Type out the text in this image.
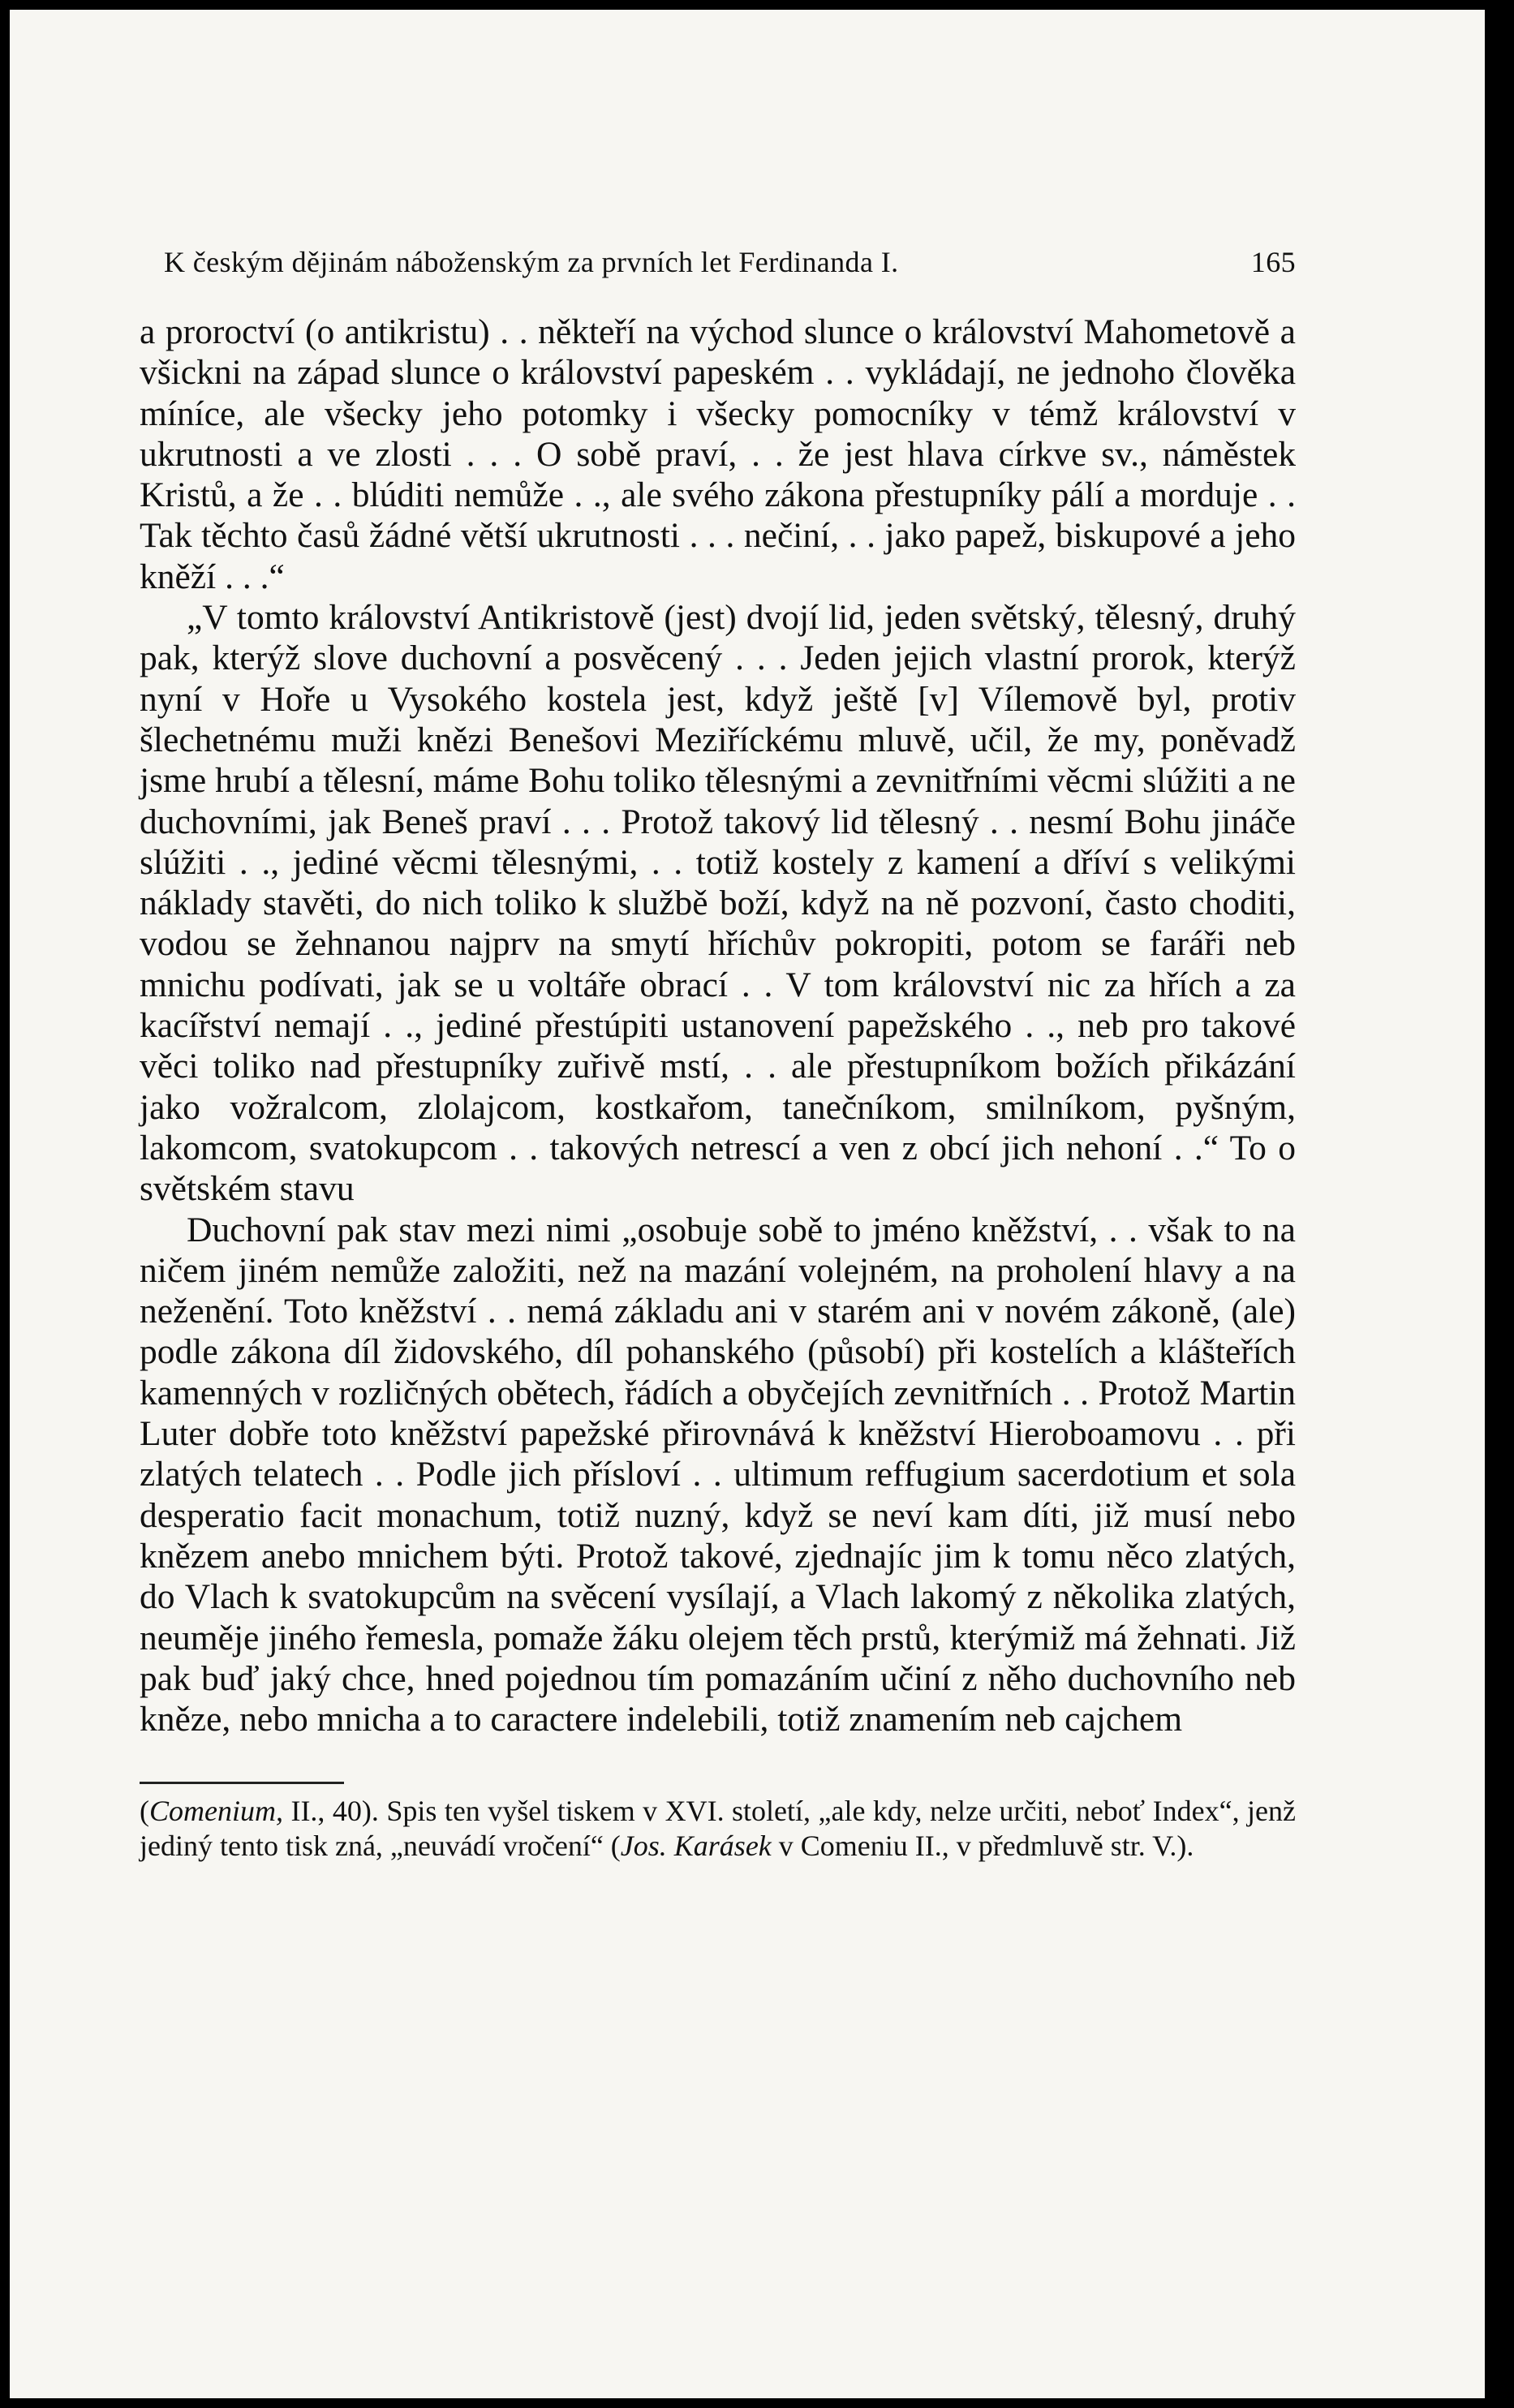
K českým dějinám náboženským za prvních let Ferdinanda I.	165

a proroctví (o antikristu) . . někteří na východ slunce o království Mahometově a všickni na západ slunce o království papeském . . vykládají, ne jednoho člověka míníce, ale všecky jeho potomky i všecky pomocníky v témž království v ukrutnosti a ve zlosti . . . O sobě praví, . . že jest hlava církve sv., náměstek Kristů, a že . . blúditi nemůže . ., ale svého zákona přestupníky pálí a morduje . . Tak těchto časů žádné větší ukrutnosti . . . nečiní, . . jako papež, biskupové a jeho kněží . . .“

„V tomto království Antikristově (jest) dvojí lid, jeden světský, tělesný, druhý pak, kterýž slove duchovní a posvěcený . . . Jeden jejich vlastní prorok, kterýž nyní v Hoře u Vysokého kostela jest, když ještě [v] Vílemově byl, protiv šlechetnému muži knězi Benešovi Meziříckému mluvě, učil, že my, poněvadž jsme hrubí a tělesní, máme Bohu toliko tělesnými a zevnitřními věcmi slúžiti a ne duchovními, jak Beneš praví . . . Protož takový lid tělesný . . nesmí Bohu jináče slúžiti . ., jediné věcmi tělesnými, . . totiž kostely z kamení a dříví s velikými náklady stavěti, do nich toliko k službě boží, když na ně pozvoní, často choditi, vodou se žehnanou najprv na smytí hříchův pokropiti, potom se faráři neb mnichu podívati, jak se u voltáře obrací . . V tom království nic za hřích a za kacířství nemají . ., jediné přestúpiti ustanovení papežského . ., neb pro takové věci toliko nad přestupníky zuřivě mstí, . . ale přestupníkom božích přikázání jako vožralcom, zlolajcom, kostkařom, tanečníkom, smilníkom, pyšným, lakomcom, svatokupcom . . takových netrescí a ven z obcí jich nehoní . .“ To o světském stavu

Duchovní pak stav mezi nimi „osobuje sobě to jméno kněžství, . . však to na ničem jiném nemůže založiti, než na mazání volejném, na proholení hlavy a na neženění. Toto kněžství . . nemá základu ani v starém ani v novém zákoně, (ale) podle zákona díl židovského, díl pohanského (působí) při kostelích a klášteřích kamenných v rozličných obětech, řádích a obyčejích zevnitřních . . Protož Martin Luter dobře toto kněžství papežské přirovnává k kněžství Hieroboamovu . . při zlatých telatech . . Podle jich přísloví . . ultimum reffugium sacerdotium et sola desperatio facit monachum, totiž nuzný, když se neví kam díti, již musí nebo knězem anebo mnichem býti. Protož takové, zjednajíc jim k tomu něco zlatých, do Vlach k svatokupcům na svěcení vysílají, a Vlach lakomý z několika zlatých, neuměje jiného řemesla, pomaže žáku olejem těch prstů, kterýmiž má žehnati. Již pak buď jaký chce, hned pojednou tím pomazáním učiní z něho duchovního neb kněze, nebo mnicha a to caractere indelebili, totiž znamením neb cajchem

(Comenium, II., 40). Spis ten vyšel tiskem v XVI. století, „ale kdy, nelze určiti, neboť Index“, jenž jediný tento tisk zná, „neuvádí vročení“ (Jos. Karásek v Comeniu II., v předmluvě str. V.).
